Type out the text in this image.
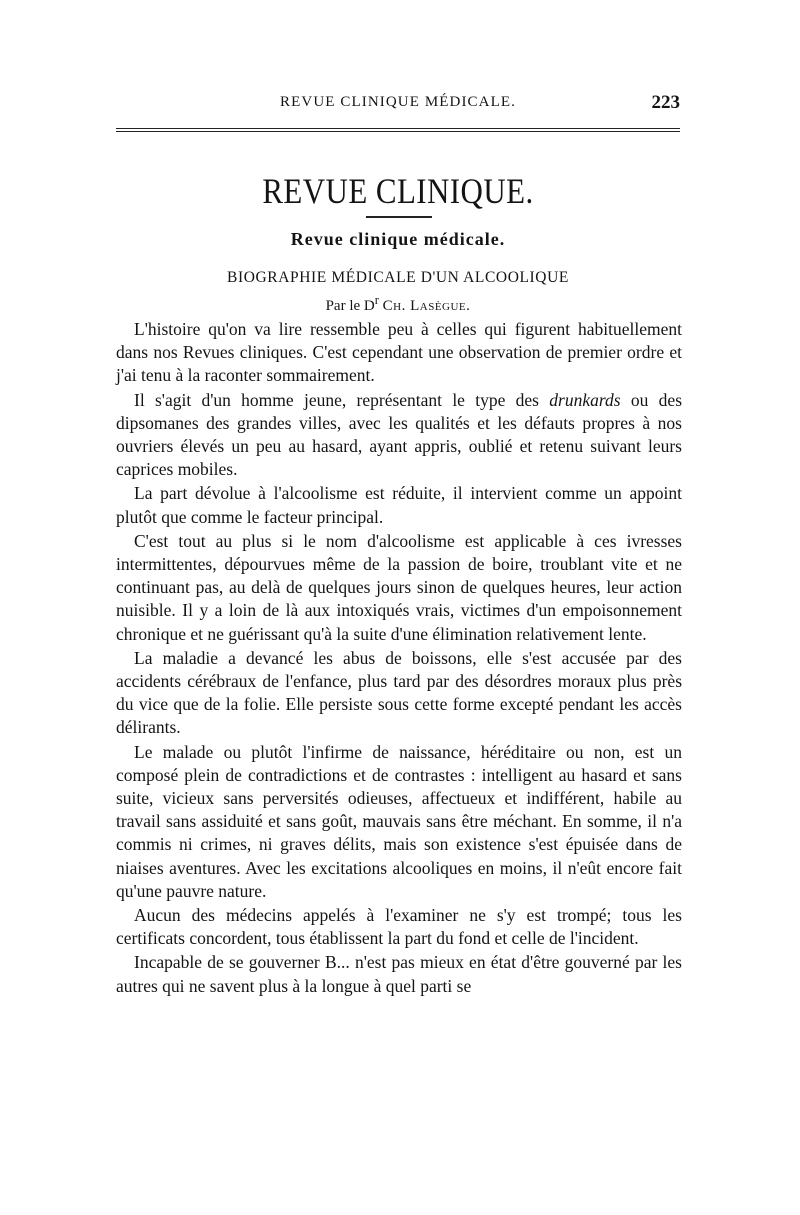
REVUE CLINIQUE MÉDICALE.	223
REVUE CLINIQUE.
Revue clinique médicale.
BIOGRAPHIE MÉDICALE D'UN ALCOOLIQUE
Par le $D^r$ Ch. Lasègue.

L'histoire qu'on va lire ressemble peu à celles qui figurent habituellement dans nos Revues cliniques. C'est cependant une observation de premier ordre et j'ai tenu à la raconter sommairement.

Il s'agit d'un homme jeune, représentant le type des drunkards ou des dipsomanes des grandes villes, avec les qualités et les défauts propres à nos ouvriers élevés un peu au hasard, ayant appris, oublié et retenu suivant leurs caprices mobiles.

La part dévolue à l'alcoolisme est réduite, il intervient comme un appoint plutôt que comme le facteur principal.

C'est tout au plus si le nom d'alcoolisme est applicable à ces ivresses intermittentes, dépourvues même de la passion de boire, troublant vite et ne continuant pas, au delà de quelques jours sinon de quelques heures, leur action nuisible. Il y a loin de là aux intoxiqués vrais, victimes d'un empoisonnement chronique et ne guérissant qu'à la suite d'une élimination relativement lente.

La maladie a devancé les abus de boissons, elle s'est accusée par des accidents cérébraux de l'enfance, plus tard par des désordres moraux plus près du vice que de la folie. Elle persiste sous cette forme excepté pendant les accès délirants.

Le malade ou plutôt l'infirme de naissance, héréditaire ou non, est un composé plein de contradictions et de contrastes : intelligent au hasard et sans suite, vicieux sans perversités odieuses, affectueux et indifférent, habile au travail sans assiduité et sans goût, mauvais sans être méchant. En somme, il n'a commis ni crimes, ni graves délits, mais son existence s'est épuisée dans de niaises aventures. Avec les excitations alcooliques en moins, il n'eût encore fait qu'une pauvre nature.

Aucun des médecins appelés à l'examiner ne s'y est trompé; tous les certificats concordent, tous établissent la part du fond et celle de l'incident.

Incapable de se gouverner B... n'est pas mieux en état d'être gouverné par les autres qui ne savent plus à la longue à quel parti se
